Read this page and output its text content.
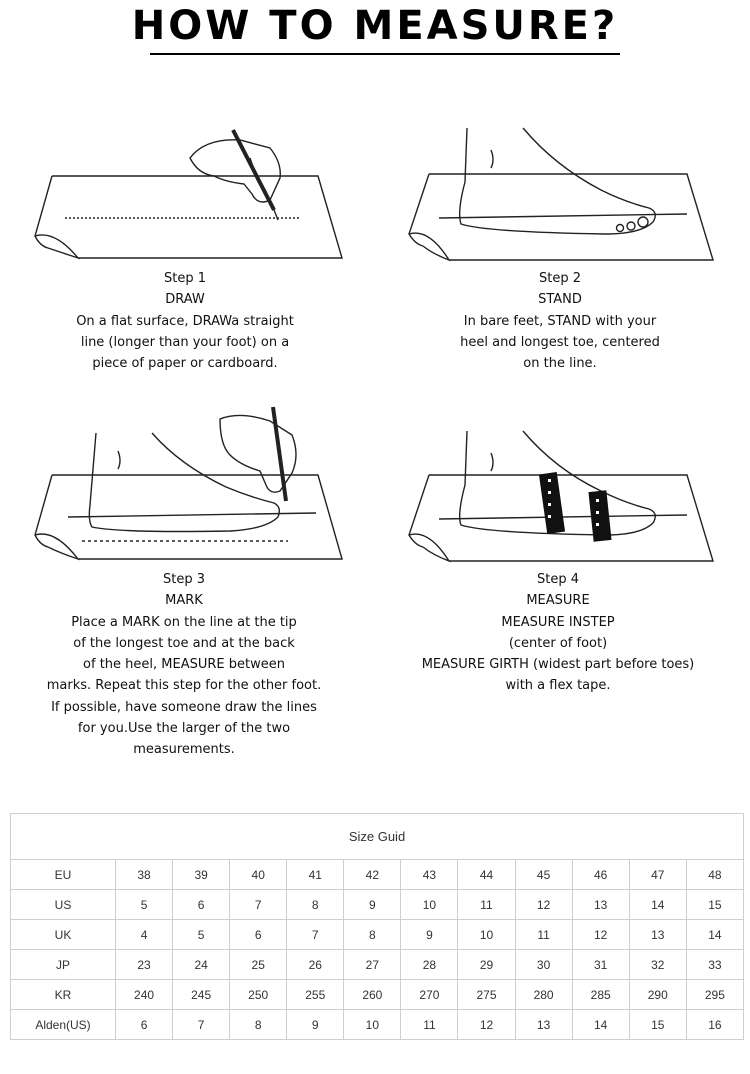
HOW TO MEASURE?

Step 1

DRAW

On a flat surface, DRAWa straight

line (longer than your foot) on a

piece of paper or cardboard.

Step 2

STAND

In bare feet, STAND with your

heel and longest toe, centered

on the line.

Step 3

MARK

Place a MARK on the line at the tip

of the longest toe and at the back

of the heel, MEASURE between

marks. Repeat this step for the other foot.

If possible, have someone draw the lines

for you.Use the larger of the two

measurements.

Step 4

MEASURE

MEASURE INSTEP

(center of foot)

MEASURE GIRTH (widest part before toes)

with a flex tape.

Size Guid											
EU	38	39	40	41	42	43	44	45	46	47	48
US	5	6	7	8	9	10	11	12	13	14	15
UK	4	5	6	7	8	9	10	11	12	13	14
JP	23	24	25	26	27	28	29	30	31	32	33
KR	240	245	250	255	260	270	275	280	285	290	295
Alden(US)	6	7	8	9	10	11	12	13	14	15	16
